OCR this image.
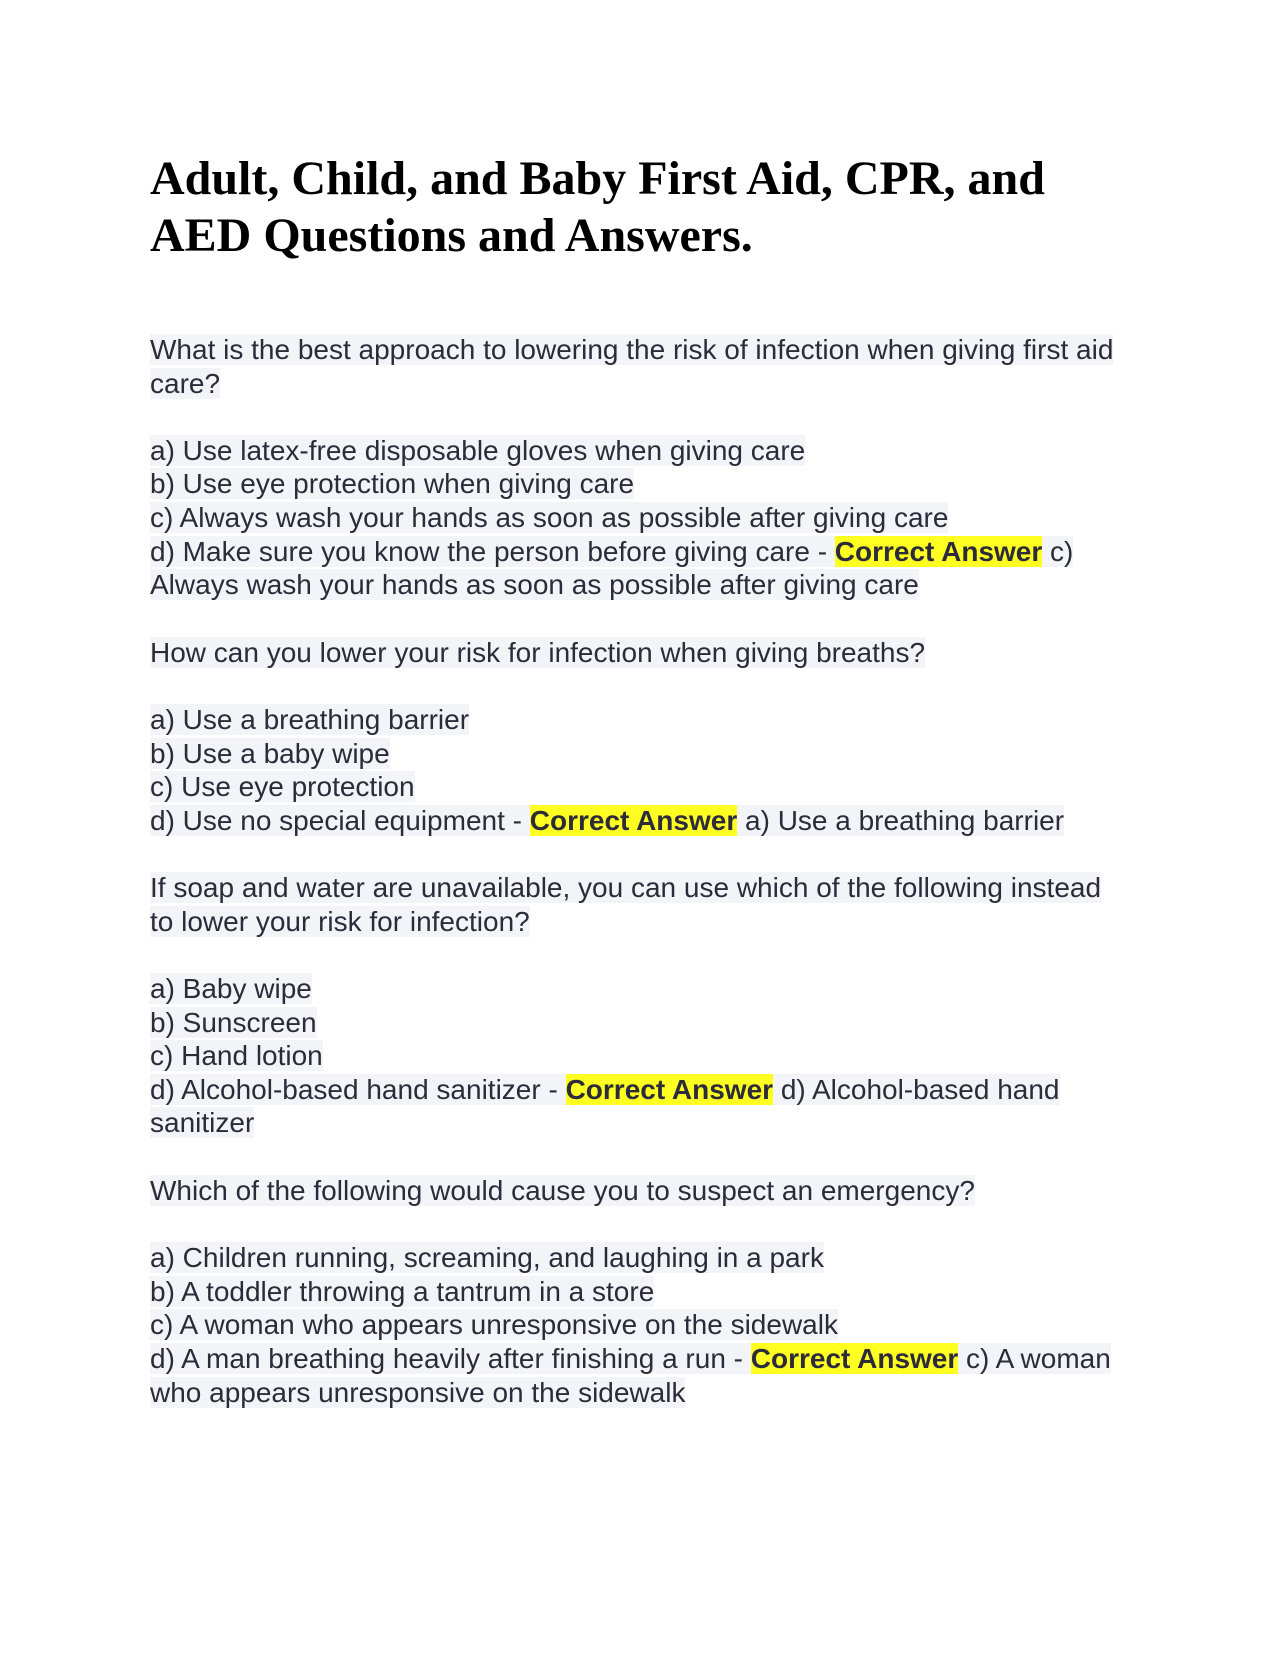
Adult, Child, and Baby First Aid, CPR, and AED Questions and Answers.
What is the best approach to lowering the risk of infection when giving first aid care?
a) Use latex-free disposable gloves when giving care
b) Use eye protection when giving care
c) Always wash your hands as soon as possible after giving care
d) Make sure you know the person before giving care - Correct Answer c) Always wash your hands as soon as possible after giving care
How can you lower your risk for infection when giving breaths?
a) Use a breathing barrier
b) Use a baby wipe
c) Use eye protection
d) Use no special equipment - Correct Answer a) Use a breathing barrier
If soap and water are unavailable, you can use which of the following instead to lower your risk for infection?
a) Baby wipe
b) Sunscreen
c) Hand lotion
d) Alcohol-based hand sanitizer - Correct Answer d) Alcohol-based hand sanitizer
Which of the following would cause you to suspect an emergency?
a) Children running, screaming, and laughing in a park
b) A toddler throwing a tantrum in a store
c) A woman who appears unresponsive on the sidewalk
d) A man breathing heavily after finishing a run - Correct Answer c) A woman who appears unresponsive on the sidewalk
